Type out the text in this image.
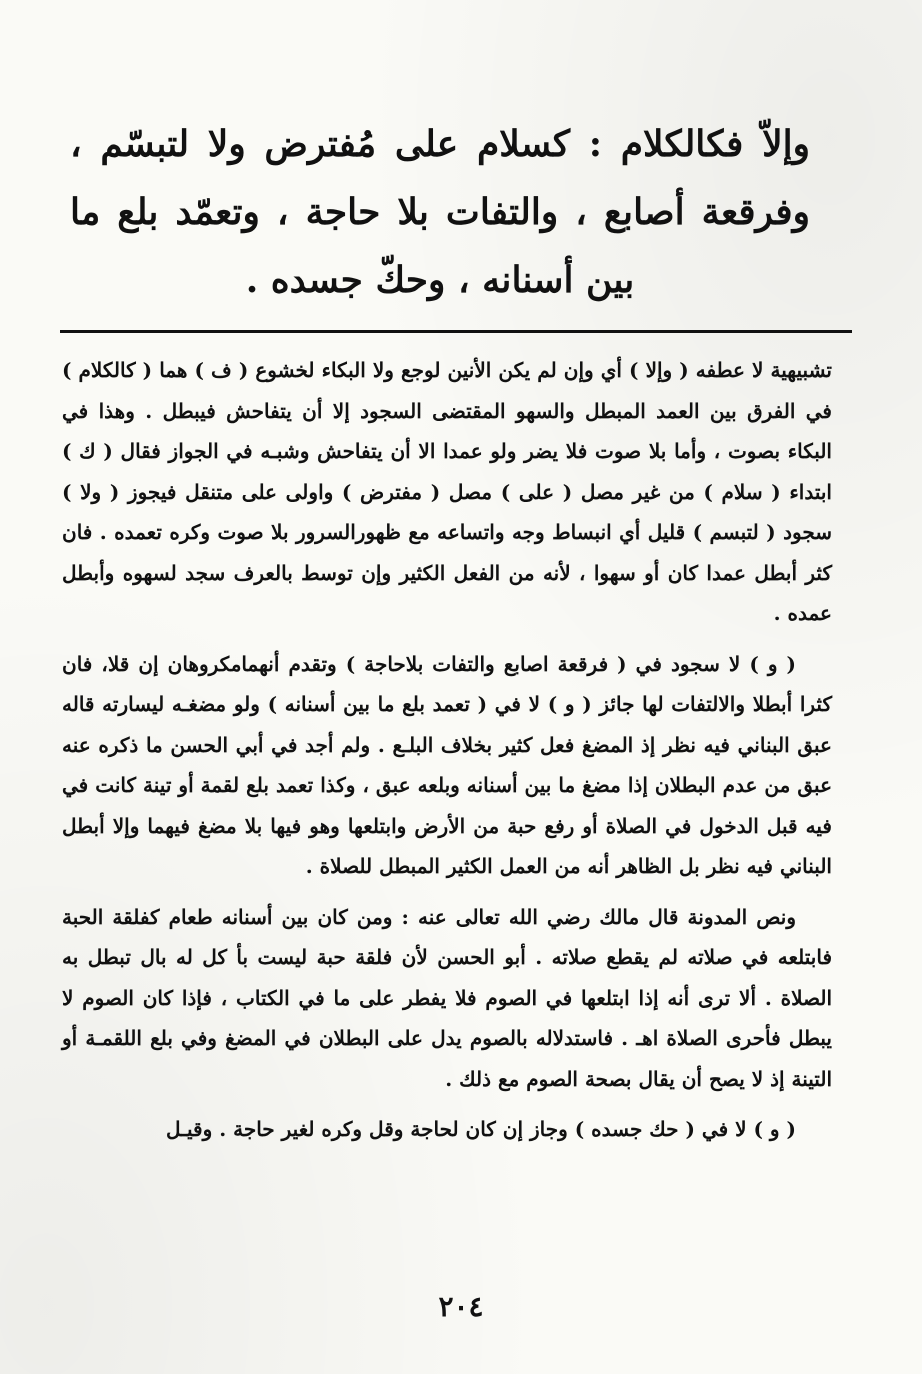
وإلاّ فكالكلام : كسلام على مُفترض ولا لتبسّم ، وفرقعة أصابع ، والتفات بلا حاجة ، وتعمّد بلع ما بين أسنانه ، وحكّ جسده .

تشبيهية لا عطفه ( وإلا ) أي وإن لم يكن الأنين لوجع ولا البكاء لخشوع ( ف ) هما ( كالكلام ) في الفرق بين العمد المبطل والسهو المقتضى السجود إلا أن يتفاحش فيبطل . وهذا في البكاء بصوت ، وأما بلا صوت فلا يضر ولو عمدا الا أن يتفاحش وشبـه في الجواز فقال ( ك ) ابتداء ( سلام ) من غير مصل ( على ) مصل ( مفترض ) واولى على متنقل فيجوز ( ولا ) سجود ( لتبسم ) قليل أي انبساط وجه واتساعه مع ظهورالسرور بلا صوت وكره تعمده . فان كثر أبطل عمدا كان أو سهوا ، لأنه من الفعل الكثير وإن توسط بالعرف سجد لسهوه وأبطل عمده .

( و ) لا سجود في ( فرقعة اصابع والتفات بلاحاجة ) وتقدم أنهمامكروهان إن قلا، فان كثرا أبطلا والالتفات لها جائز ( و ) لا في ( تعمد بلع ما بين أسنانه ) ولو مضغـه ليسارته قاله عبق البناني فيه نظر إذ المضغ فعل كثير بخلاف البلـع . ولم أجد في أبي الحسن ما ذكره عنه عبق من عدم البطلان إذا مضغ ما بين أسنانه وبلعه عبق ، وكذا تعمد بلع لقمة أو تينة كانت في فيه قبل الدخول في الصلاة أو رفع حبة من الأرض وابتلعها وهو فيها بلا مضغ فيهما وإلا أبطل البناني فيه نظر بل الظاهر أنه من العمل الكثير المبطل للصلاة .

ونص المدونة قال مالك رضي الله تعالى عنه : ومن كان بين أسنانه طعام كفلقة الحبة فابتلعه في صلاته لم يقطع صلاته . أبو الحسن لأن فلقة حبة ليست بأ كل له بال تبطل به الصلاة . ألا ترى أنه إذا ابتلعها في الصوم فلا يفطر على ما في الكتاب ، فإذا كان الصوم لا يبطل فأحرى الصلاة اهـ . فاستدلاله بالصوم يدل على البطلان في المضغ وفي بلع اللقمـة أو التينة إذ لا يصح أن يقال بصحة الصوم مع ذلك .

( و ) لا في ( حك جسده ) وجاز إن كان لحاجة وقل وكره لغير حاجة . وقيـل

٢٠٤
